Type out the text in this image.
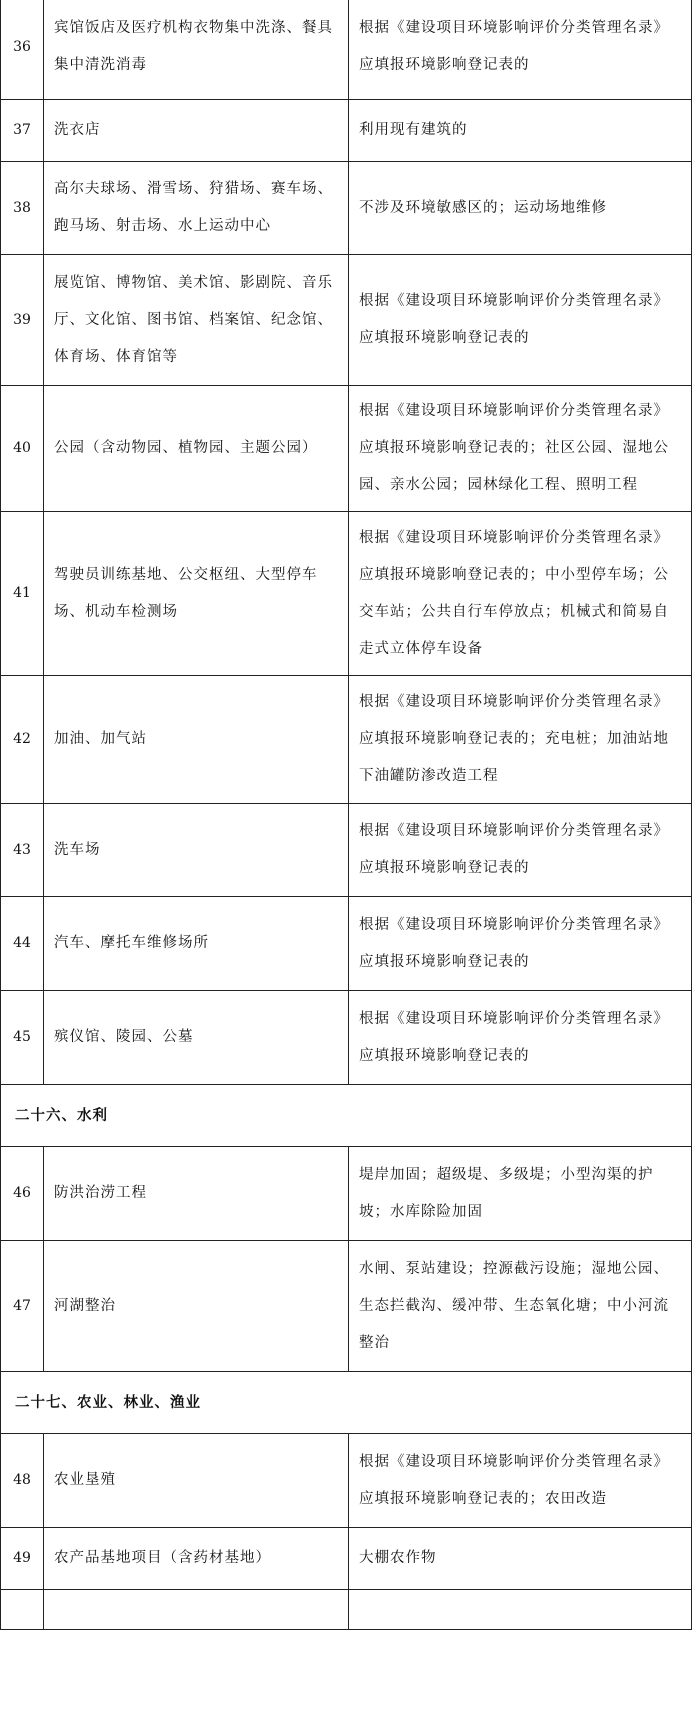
36	宾馆饭店及医疗机构衣物集中洗涤、餐具集中清洗消毒	根据《建设项目环境影响评价分类管理名录》应填报环境影响登记表的
37	洗衣店	利用现有建筑的
38	高尔夫球场、滑雪场、狩猎场、赛车场、跑马场、射击场、水上运动中心	不涉及环境敏感区的；运动场地维修
39	展览馆、博物馆、美术馆、影剧院、音乐厅、文化馆、图书馆、档案馆、纪念馆、体育场、体育馆等	根据《建设项目环境影响评价分类管理名录》应填报环境影响登记表的
40	公园（含动物园、植物园、主题公园）	根据《建设项目环境影响评价分类管理名录》应填报环境影响登记表的；社区公园、湿地公园、亲水公园；园林绿化工程、照明工程
41	驾驶员训练基地、公交枢纽、大型停车场、机动车检测场	根据《建设项目环境影响评价分类管理名录》应填报环境影响登记表的；中小型停车场；公交车站；公共自行车停放点；机械式和简易自走式立体停车设备
42	加油、加气站	根据《建设项目环境影响评价分类管理名录》应填报环境影响登记表的；充电桩；加油站地下油罐防渗改造工程
43	洗车场	根据《建设项目环境影响评价分类管理名录》应填报环境影响登记表的
44	汽车、摩托车维修场所	根据《建设项目环境影响评价分类管理名录》应填报环境影响登记表的
45	殡仪馆、陵园、公墓	根据《建设项目环境影响评价分类管理名录》应填报环境影响登记表的
二十六、水利		
46	防洪治涝工程	堤岸加固；超级堤、多级堤；小型沟渠的护坡；水库除险加固
47	河湖整治	水闸、泵站建设；控源截污设施；湿地公园、生态拦截沟、缓冲带、生态氧化塘；中小河流整治
二十七、农业、林业、渔业		
48	农业垦殖	根据《建设项目环境影响评价分类管理名录》应填报环境影响登记表的；农田改造
49	农产品基地项目（含药材基地）	大棚农作物
